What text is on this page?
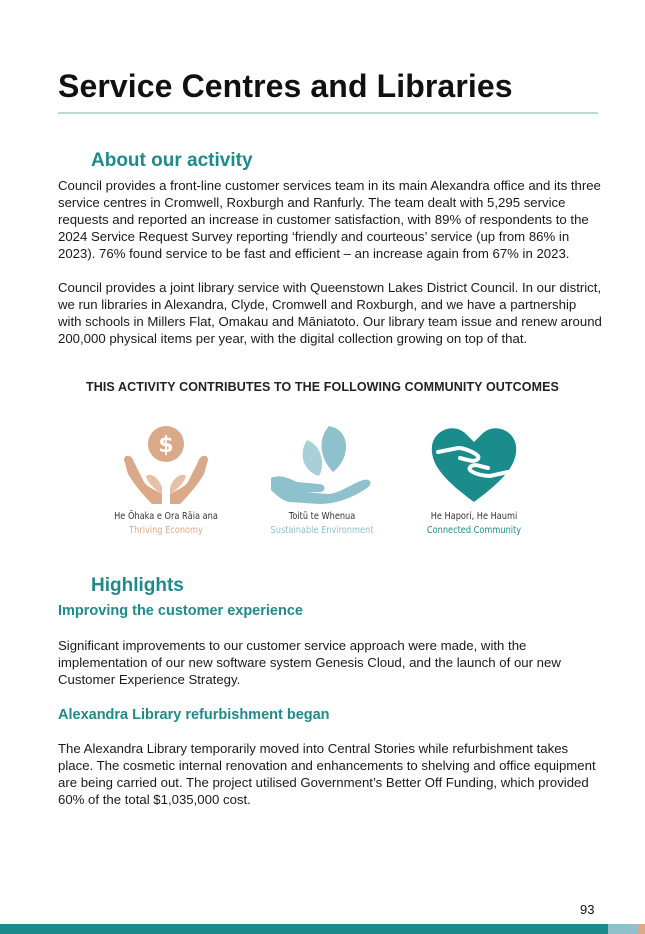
Service Centres and Libraries
About our activity

Council provides a front-line customer services team in its main Alexandra office and its three service centres in Cromwell, Roxburgh and Ranfurly. The team dealt with 5,295 service requests and reported an increase in customer satisfaction, with 89% of respondents to the 2024 Service Request Survey reporting ‘friendly and courteous’ service (up from 86% in 2023). 76% found service to be fast and efficient – an increase again from 67% in 2023.

Council provides a joint library service with Queenstown Lakes District Council. In our district, we run libraries in Alexandra, Clyde, Cromwell and Roxburgh, and we have a partnership with schools in Millers Flat, Omakau and Māniatoto. Our library team issue and renew around 200,000 physical items per year, with the digital collection growing on top of that.

THIS ACTIVITY CONTRIBUTES TO THE FOLLOWING COMMUNITY OUTCOMES

$
He Ōhaka e Ora Rāia ana
Thriving Economy
Toitū te Whenua
Sustainable Environment
He Hapori, He Haumi
Connected Community
Highlights
Improving the customer experience

Significant improvements to our customer service approach were made, with the implementation of our new software system Genesis Cloud, and the launch of our new Customer Experience Strategy.

Alexandra Library refurbishment began

The Alexandra Library temporarily moved into Central Stories while refurbishment takes place. The cosmetic internal renovation and enhancements to shelving and office equipment are being carried out. The project utilised Government’s Better Off Funding, which provided 60% of the total $1,035,000 cost.

93
